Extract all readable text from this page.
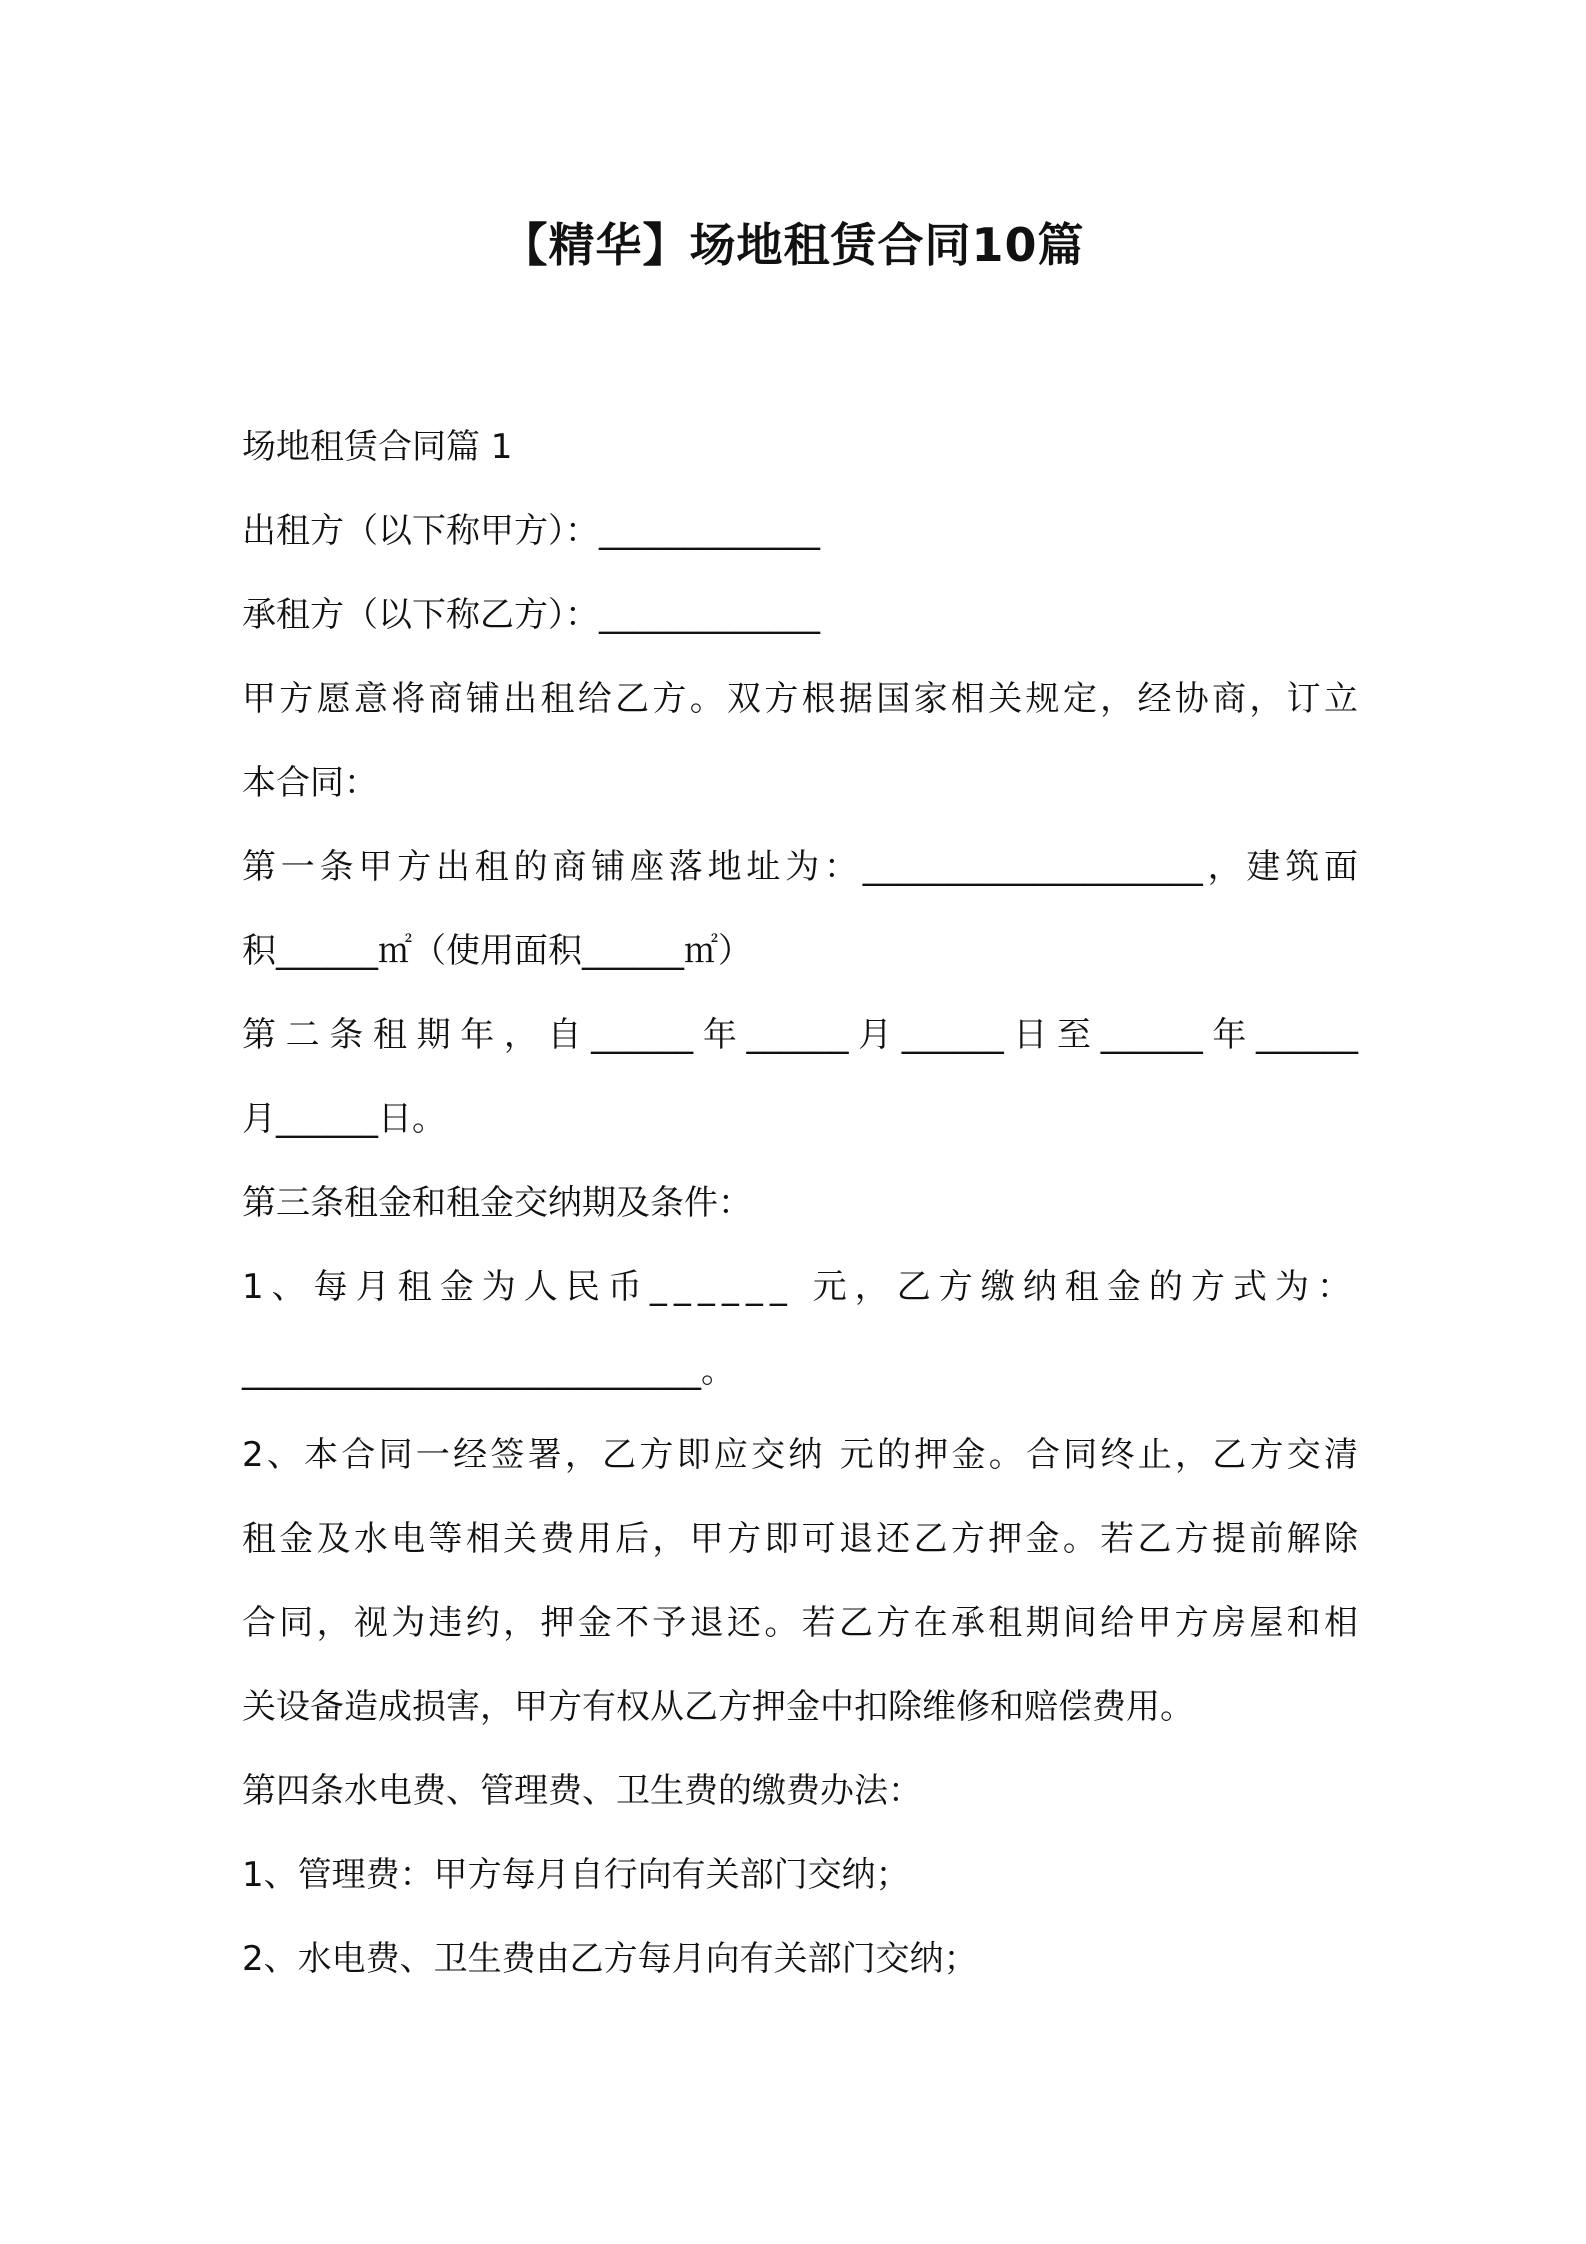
【精华】场地租赁合同10篇
场地租赁合同篇 1
出租方（以下称甲方）：_____________
承租方（以下称乙方）：_____________
甲方愿意将商铺出租给乙方。双方根据国家相关规定，经协商，订立
本合同：
第一条甲方出租的商铺座落地址为：____________________，建筑面
积______㎡（使用面积______㎡）
第二条租期年，自______年______月______日至______年______
月______日。
第三条租金和租金交纳期及条件：
1、每月租金为人民币______ 元，乙方缴纳租金的方式为：
___________________________。
2、本合同一经签署，乙方即应交纳 元的押金。合同终止，乙方交清
租金及水电等相关费用后，甲方即可退还乙方押金。若乙方提前解除
合同，视为违约，押金不予退还。若乙方在承租期间给甲方房屋和相
关设备造成损害，甲方有权从乙方押金中扣除维修和赔偿费用。
第四条水电费、管理费、卫生费的缴费办法：
1、管理费：甲方每月自行向有关部门交纳；
2、水电费、卫生费由乙方每月向有关部门交纳；
